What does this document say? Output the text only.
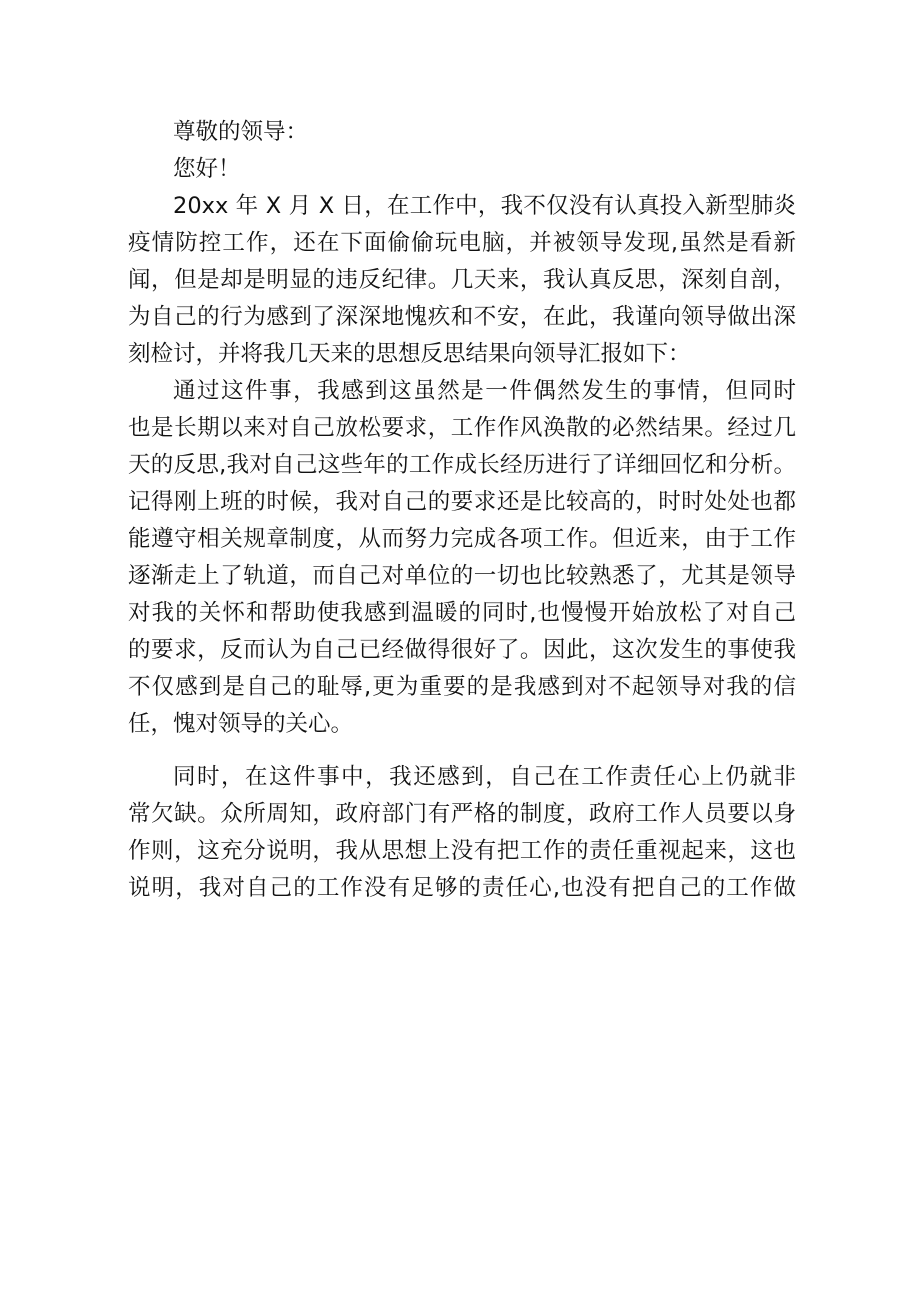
尊敬的领导：
您好！
20xx 年 X 月 X 日，在工作中，我不仅没有认真投入新型肺炎
疫情防控工作，还在下面偷偷玩电脑，并被领导发现,虽然是看新
闻，但是却是明显的违反纪律。几天来，我认真反思，深刻自剖，
为自己的行为感到了深深地愧疚和不安，在此，我谨向领导做出深
刻检讨，并将我几天来的思想反思结果向领导汇报如下：
通过这件事，我感到这虽然是一件偶然发生的事情，但同时
也是长期以来对自己放松要求，工作作风涣散的必然结果。经过几
天的反思,我对自己这些年的工作成长经历进行了详细回忆和分析。
记得刚上班的时候，我对自己的要求还是比较高的，时时处处也都
能遵守相关规章制度，从而努力完成各项工作。但近来，由于工作
逐渐走上了轨道，而自己对单位的一切也比较熟悉了，尤其是领导
对我的关怀和帮助使我感到温暖的同时,也慢慢开始放松了对自己
的要求，反而认为自己已经做得很好了。因此，这次发生的事使我
不仅感到是自己的耻辱,更为重要的是我感到对不起领导对我的信
任，愧对领导的关心。
同时，在这件事中，我还感到，自己在工作责任心上仍就非
常欠缺。众所周知，政府部门有严格的制度，政府工作人员要以身
作则，这充分说明，我从思想上没有把工作的责任重视起来，这也
说明，我对自己的工作没有足够的责任心,也没有把自己的工作做
